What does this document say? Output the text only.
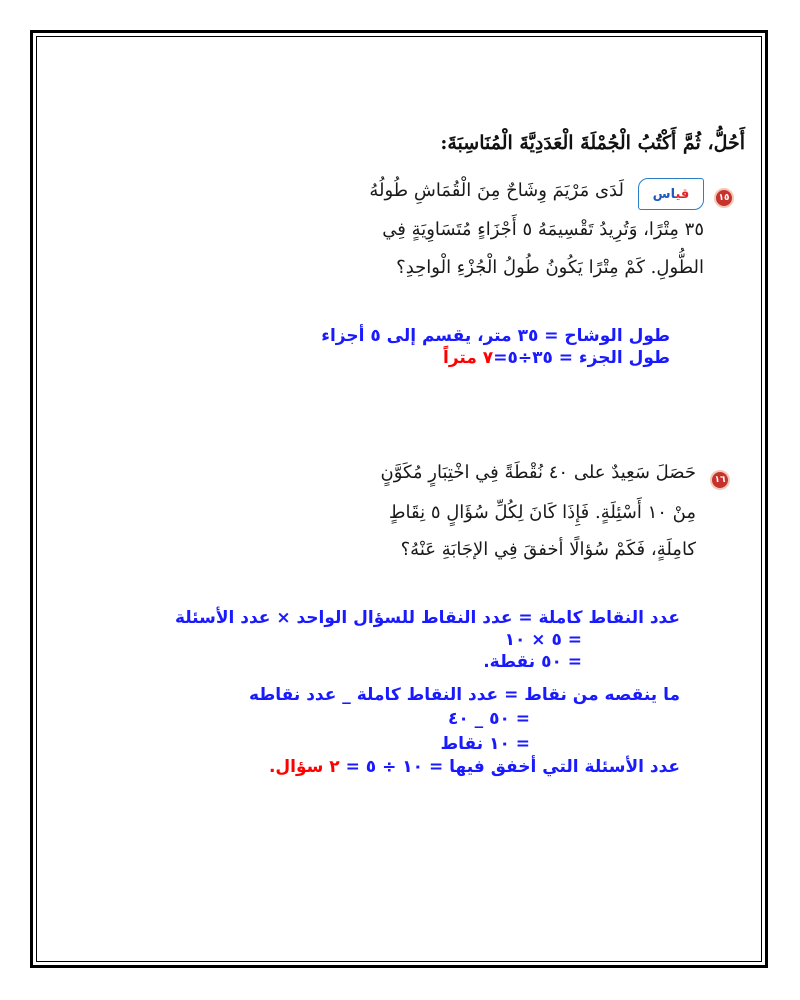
أَحُلُّ، ثُمَّ أَكْتُبُ الْجُمْلَةَ الْعَدَدِيَّةَ الْمُنَاسِبَةَ:
١٥
قياس
لَدَى مَرْيَمَ وِشَاحٌ مِنَ الْقُمَاشِ طُولُهُ
٣٥ مِتْرًا، وَتُرِيدُ تَقْسِيمَهُ ٥ أَجْزَاءٍ مُتَسَاوِيَةٍ فِي
الطُّولِ. كَمْ مِتْرًا يَكُونُ طُولُ الْجُزْءِ الْواحِدِ؟
طول الوشاح = ٣٥ متر، يقسم إلى ٥ أجزاء
طول الجزء = ٣٥÷٥=٧ متراً
١٦
حَصَلَ سَعِيدٌ على ٤٠ نُقْطَةً فِي اخْتِبَارٍ مُكَوَّنٍ
مِنْ ١٠ أَسْئِلَةٍ. فَإِذَا كَانَ لِكُلِّ سُؤَالٍ ٥ نِقَاطٍ
كامِلَةٍ، فَكَمْ سُؤالًا أخفقَ فِي الإجَابَةِ عَنْهُ؟
عدد النقاط كاملة = عدد النقاط للسؤال الواحد × عدد الأسئلة
= ٥ × ١٠
= ٥٠ نقطة.
ما ينقصه من نقاط = عدد النقاط كاملة _ عدد نقاطه
= ٥٠ _ ٤٠
= ١٠ نقاط
عدد الأسئلة التي أخفق فيها = ١٠ ÷ ٥ = ٢ سؤال.
